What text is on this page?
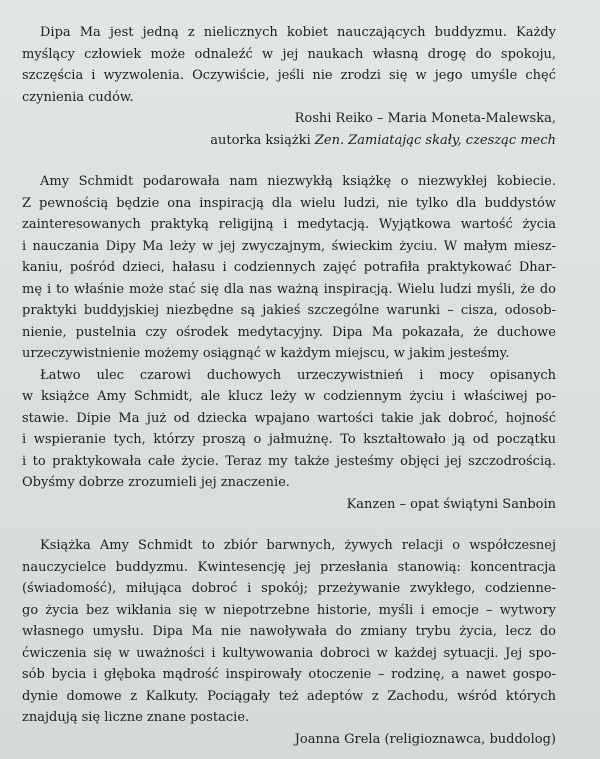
Dipa Ma jest jedną z nielicznych kobiet nauczających buddyzmu. Każdy
myślący człowiek może odnaleźć w jej naukach własną drogę do spokoju,
szczęścia i wyzwolenia. Oczywiście, jeśli nie zrodzi się w jego umyśle chęć
czynienia cudów.
Roshi Reiko – Maria Moneta-Malewska,
autorka książki Zen. Zamiatając skały, czesząc mech
Amy Schmidt podarowała nam niezwykłą książkę o niezwykłej kobiecie.
Z pewnością będzie ona inspiracją dla wielu ludzi, nie tylko dla buddystów
zainteresowanych praktyką religijną i medytacją. Wyjątkowa wartość życia
i nauczania Dipy Ma leży w jej zwyczajnym, świeckim życiu. W małym miesz-
kaniu, pośród dzieci, hałasu i codziennych zajęć potrafiła praktykować Dhar-
mę i to właśnie może stać się dla nas ważną inspiracją. Wielu ludzi myśli, że do
praktyki buddyjskiej niezbędne są jakieś szczególne warunki – cisza, odosob-
nienie, pustelnia czy ośrodek medytacyjny. Dipa Ma pokazała, że duchowe
urzeczywistnienie możemy osiągnąć w każdym miejscu, w jakim jesteśmy.
Łatwo ulec czarowi duchowych urzeczywistnień i mocy opisanych
w książce Amy Schmidt, ale klucz leży w codziennym życiu i właściwej po-
stawie. Dipie Ma już od dziecka wpajano wartości takie jak dobroć, hojność
i wspieranie tych, którzy proszą o jałmużnę. To kształtowało ją od początku
i to praktykowała całe życie. Teraz my także jesteśmy objęci jej szczodrością.
Obyśmy dobrze zrozumieli jej znaczenie.
Kanzen – opat świątyni Sanboin
Książka Amy Schmidt to zbiór barwnych, żywych relacji o współczesnej
nauczycielce buddyzmu. Kwintesencję jej przesłania stanowią: koncentracja
(świadomość), miłująca dobroć i spokój; przeżywanie zwykłego, codzienne-
go życia bez wikłania się w niepotrzebne historie, myśli i emocje – wytwory
własnego umysłu. Dipa Ma nie nawoływała do zmiany trybu życia, lecz do
ćwiczenia się w uważności i kultywowania dobroci w każdej sytuacji. Jej spo-
sób bycia i głęboka mądrość inspirowały otoczenie – rodzinę, a nawet gospo-
dynie domowe z Kalkuty. Pociągały też adeptów z Zachodu, wśród których
znajdują się liczne znane postacie.
Joanna Grela (religioznawca, buddolog)
